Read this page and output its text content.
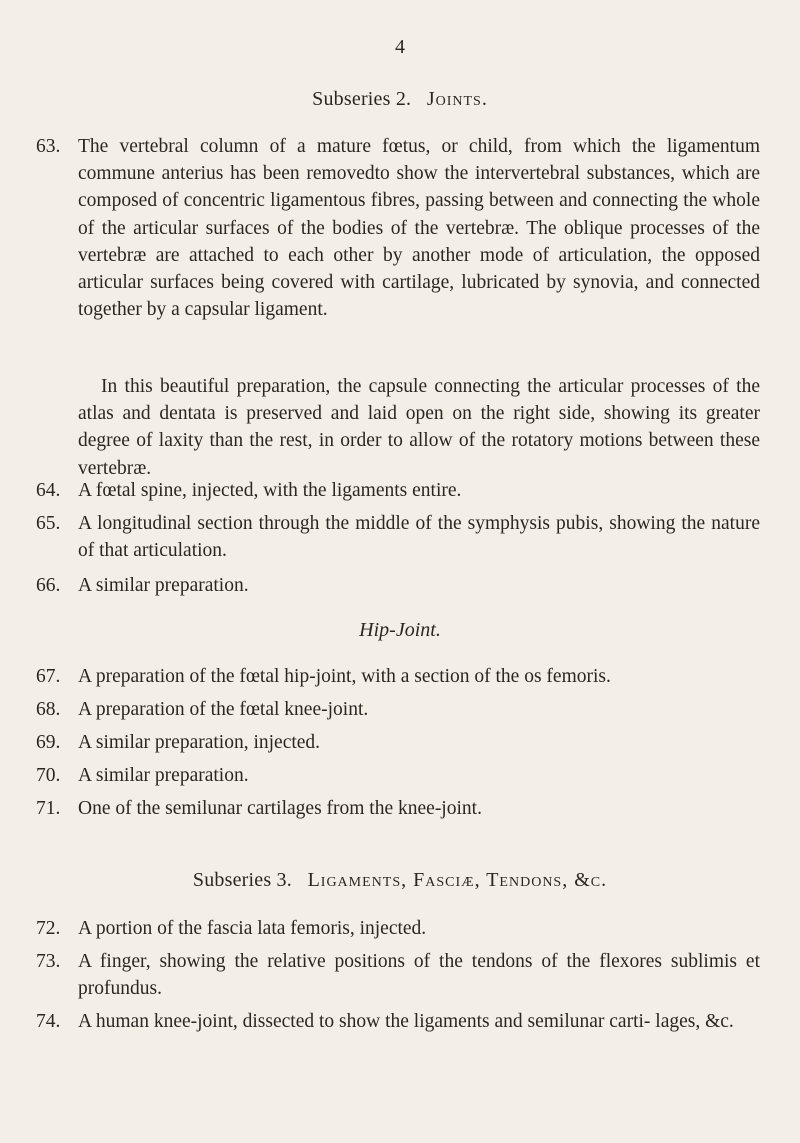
4
Subseries 2. Joints.
63. The vertebral column of a mature fœtus, or child, from which the ligamentum commune anterius has been removedto show the intervertebral substances, which are composed of concentric ligamentous fibres, passing between and connecting the whole of the articular surfaces of the bodies of the vertebræ. The oblique processes of the vertebræ are attached to each other by another mode of articulation, the opposed articular surfaces being covered with cartilage, lubricated by synovia, and connected together by a capsular ligament.
In this beautiful preparation, the capsule connecting the articular processes of the atlas and dentata is preserved and laid open on the right side, showing its greater degree of laxity than the rest, in order to allow of the rotatory motions between these vertebræ.
64. A fœtal spine, injected, with the ligaments entire.
65. A longitudinal section through the middle of the symphysis pubis, showing the nature of that articulation.
66. A similar preparation.
Hip-Joint.
67. A preparation of the fœtal hip-joint, with a section of the os femoris.
68. A preparation of the fœtal knee-joint.
69. A similar preparation, injected.
70. A similar preparation.
71. One of the semilunar cartilages from the knee-joint.
Subseries 3. Ligaments, Fasciæ, Tendons, &c.
72. A portion of the fascia lata femoris, injected.
73. A finger, showing the relative positions of the tendons of the flexores sublimis et profundus.
74. A human knee-joint, dissected to show the ligaments and semilunar carti- lages, &c.
